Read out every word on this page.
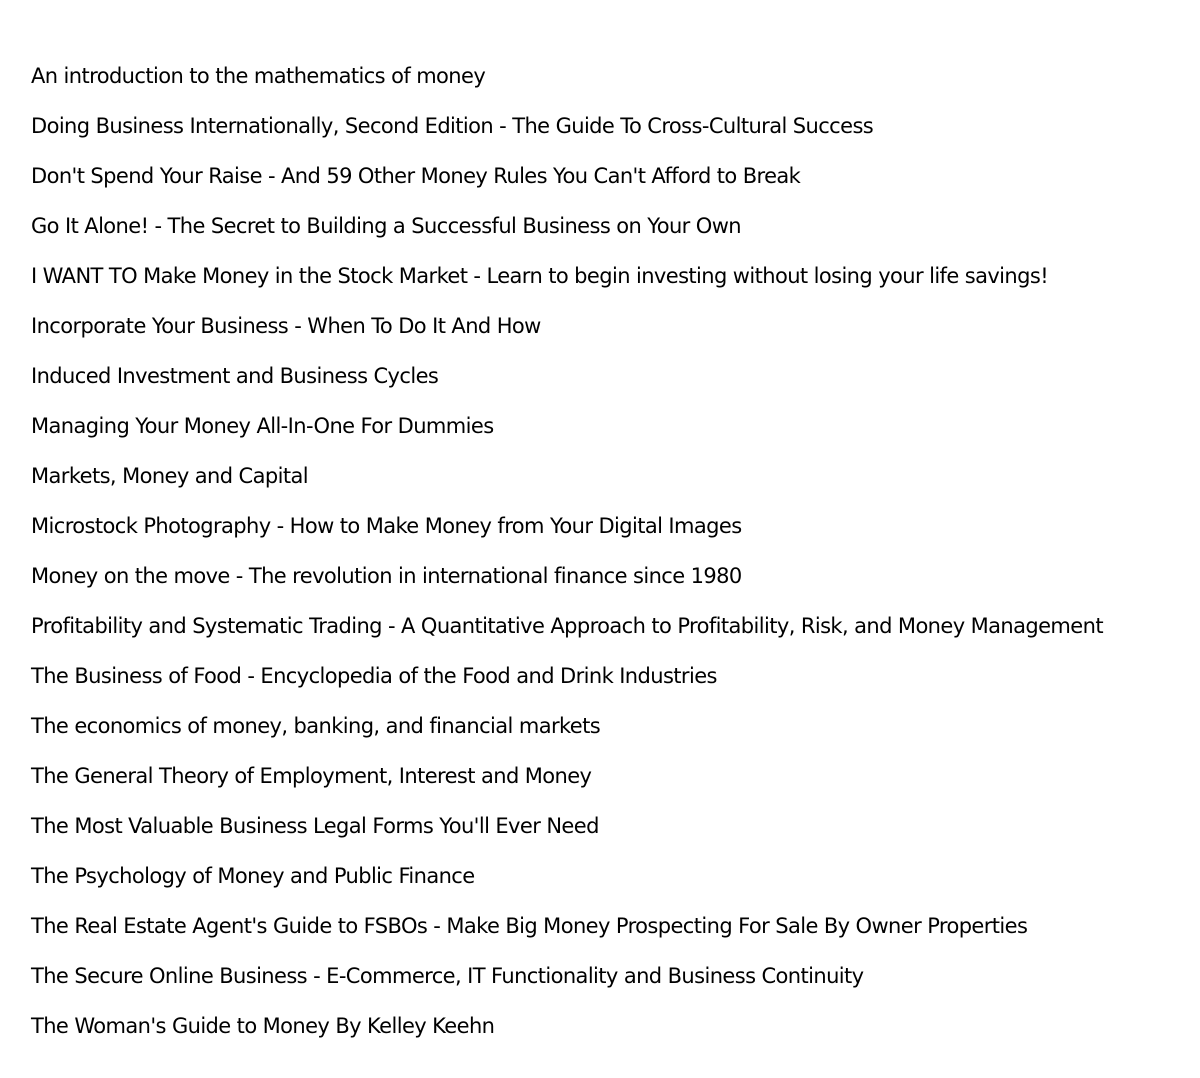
An introduction to the mathematics of money
Doing Business Internationally, Second Edition - The Guide To Cross-Cultural Success
Don't Spend Your Raise - And 59 Other Money Rules You Can't Afford to Break
Go It Alone! - The Secret to Building a Successful Business on Your Own
I WANT TO Make Money in the Stock Market - Learn to begin investing without losing your life savings!
Incorporate Your Business - When To Do It And How
Induced Investment and Business Cycles
Managing Your Money All-In-One For Dummies
Markets, Money and Capital
Microstock Photography - How to Make Money from Your Digital Images
Money on the move - The revolution in international finance since 1980
Profitability and Systematic Trading - A Quantitative Approach to Profitability, Risk, and Money Management
The Business of Food - Encyclopedia of the Food and Drink Industries
The economics of money, banking, and financial markets
The General Theory of Employment, Interest and Money
The Most Valuable Business Legal Forms You'll Ever Need
The Psychology of Money and Public Finance
The Real Estate Agent's Guide to FSBOs - Make Big Money Prospecting For Sale By Owner Properties
The Secure Online Business - E-Commerce, IT Functionality and Business Continuity
The Woman's Guide to Money By Kelley Keehn
